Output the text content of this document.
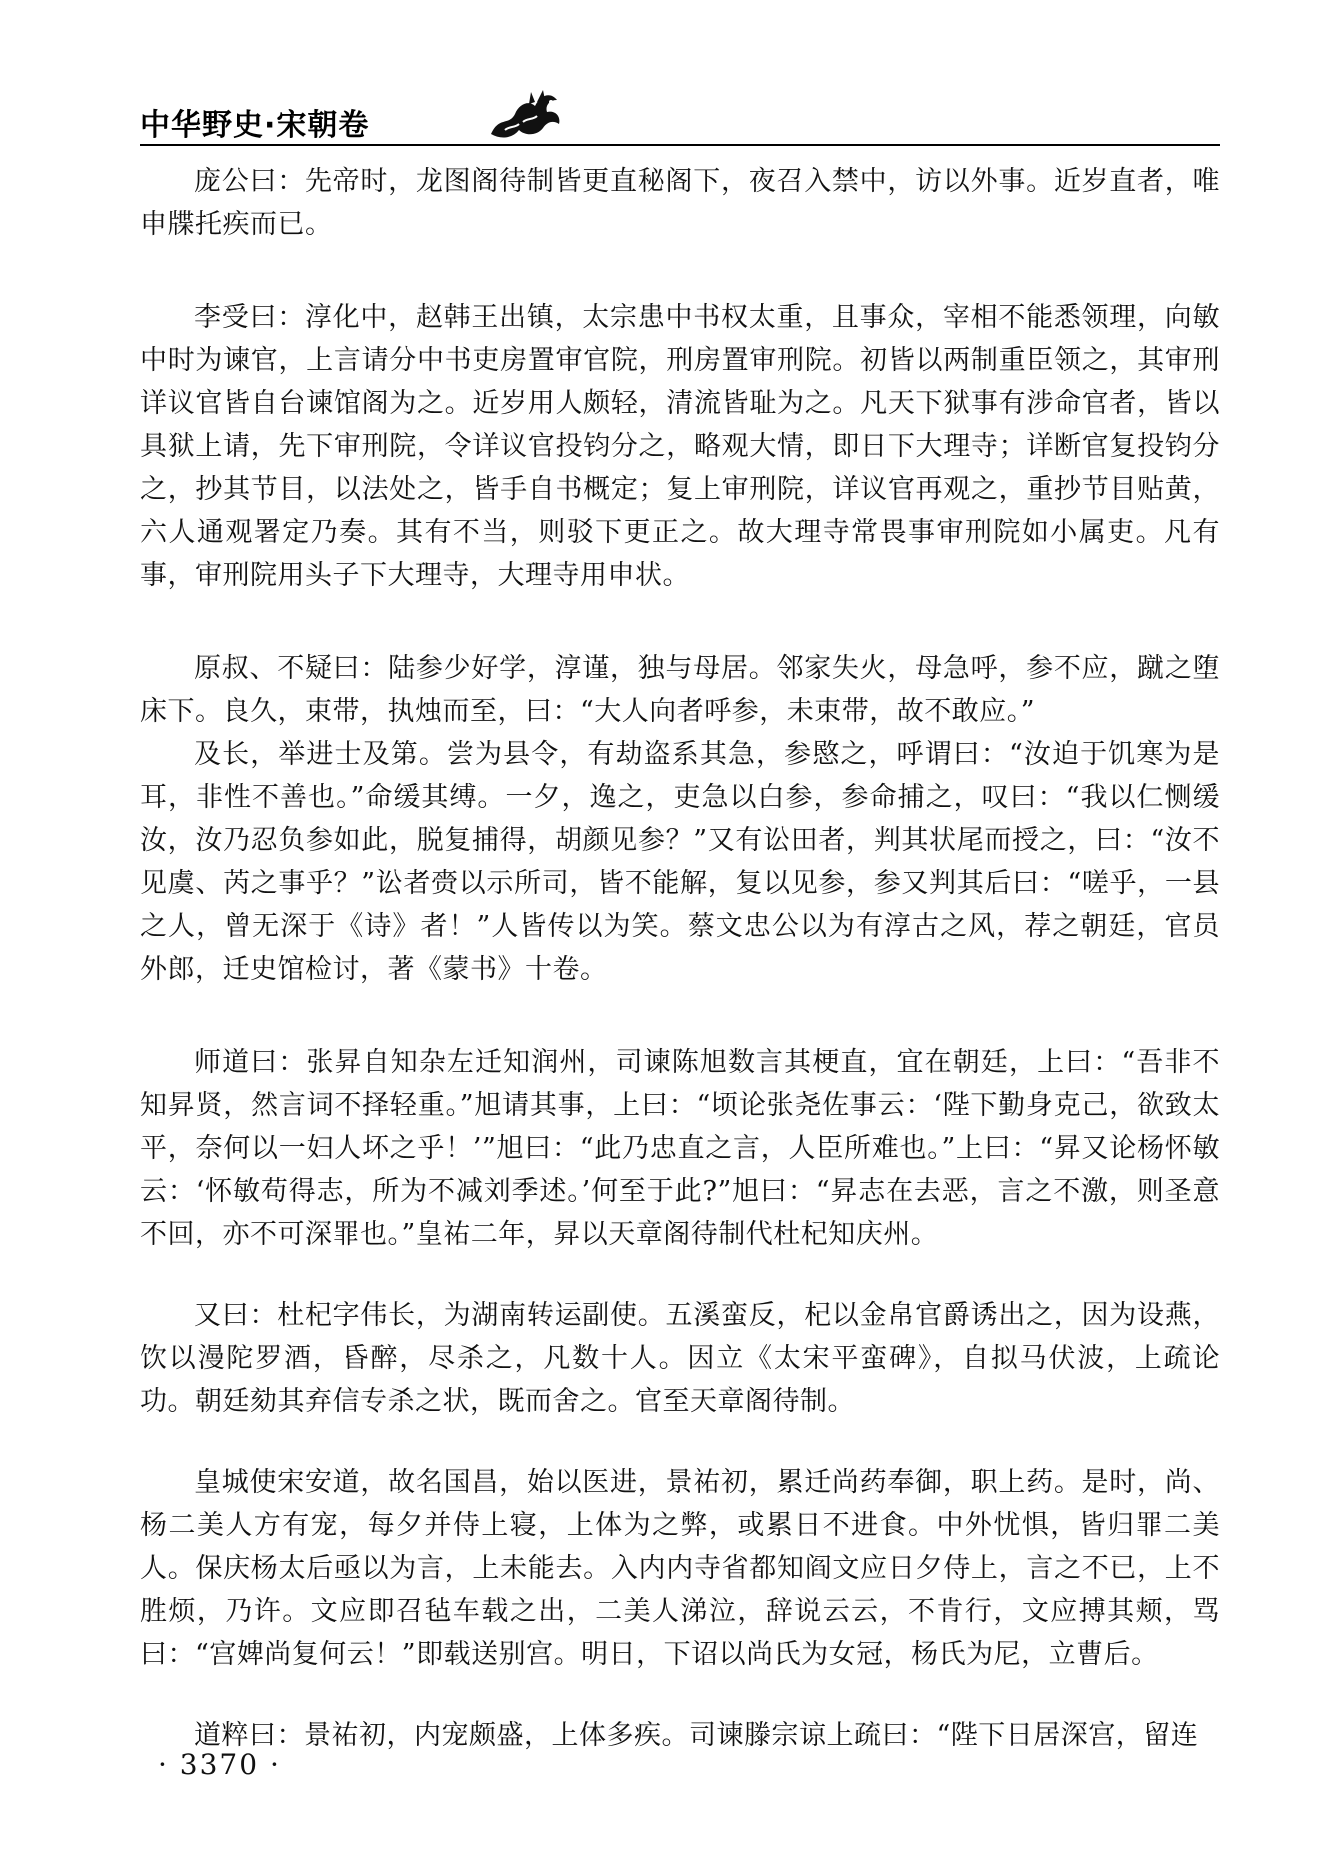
中华野史·宋朝卷

庞公曰：先帝时，龙图阁待制皆更直秘阁下，夜召入禁中，访以外事。近岁直者，唯申牒托疾而已。

李受曰：淳化中，赵韩王出镇，太宗患中书权太重，且事众，宰相不能悉领理，向敏中时为谏官，上言请分中书吏房置审官院，刑房置审刑院。初皆以两制重臣领之，其审刑详议官皆自台谏馆阁为之。近岁用人颇轻，清流皆耻为之。凡天下狱事有涉命官者，皆以具狱上请，先下审刑院，令详议官投钧分之，略观大情，即日下大理寺；详断官复投钧分之，抄其节目，以法处之，皆手自书概定；复上审刑院，详议官再观之，重抄节目贴黄，六人通观署定乃奏。其有不当，则驳下更正之。故大理寺常畏事审刑院如小属吏。凡有事，审刑院用头子下大理寺，大理寺用申状。

原叔、不疑曰：陆参少好学，淳谨，独与母居。邻家失火，母急呼，参不应，蹴之堕床下。良久，束带，执烛而至，曰：“大人向者呼参，未束带，故不敢应。”

及长，举进士及第。尝为县令，有劫盗系其急，参愍之，呼谓曰：“汝迫于饥寒为是耳，非性不善也。”命缓其缚。一夕，逸之，吏急以白参，参命捕之，叹曰：“我以仁恻缓汝，汝乃忍负参如此，脱复捕得，胡颜见参？”又有讼田者，判其状尾而授之，曰：“汝不见虞、芮之事乎？”讼者赍以示所司，皆不能解，复以见参，参又判其后曰：“嗟乎，一县之人，曾无深于《诗》者！”人皆传以为笑。蔡文忠公以为有淳古之风，荐之朝廷，官员外郎，迁史馆检讨，著《蒙书》十卷。

师道曰：张昇自知杂左迁知润州，司谏陈旭数言其梗直，宜在朝廷，上曰：“吾非不知昇贤，然言词不择轻重。”旭请其事，上曰：“顷论张尧佐事云：‘陛下勤身克己，欲致太平，奈何以一妇人坏之乎！’”旭曰：“此乃忠直之言，人臣所难也。”上曰：“昇又论杨怀敏云：‘怀敏苟得志，所为不减刘季述。’何至于此?”旭曰：“昇志在去恶，言之不激，则圣意不回，亦不可深罪也。”皇祐二年，昇以天章阁待制代杜杞知庆州。

又曰：杜杞字伟长，为湖南转运副使。五溪蛮反，杞以金帛官爵诱出之，因为设燕，饮以漫陀罗酒，昏醉，尽杀之，凡数十人。因立《太宋平蛮碑》，自拟马伏波，上疏论功。朝廷劾其弃信专杀之状，既而舍之。官至天章阁待制。

皇城使宋安道，故名国昌，始以医进，景祐初，累迁尚药奉御，职上药。是时，尚、杨二美人方有宠，每夕并侍上寝，上体为之弊，或累日不进食。中外忧惧，皆归罪二美人。保庆杨太后亟以为言，上未能去。入内内寺省都知阎文应日夕侍上，言之不已，上不胜烦，乃许。文应即召毡车载之出，二美人涕泣，辞说云云，不肯行，文应搏其颊，骂曰：“宫婢尚复何云！”即载送别宫。明日，下诏以尚氏为女冠，杨氏为尼，立曹后。

道粹曰：景祐初，内宠颇盛，上体多疾。司谏滕宗谅上疏曰：“陛下日居深宫，留连

· 3370 ·
